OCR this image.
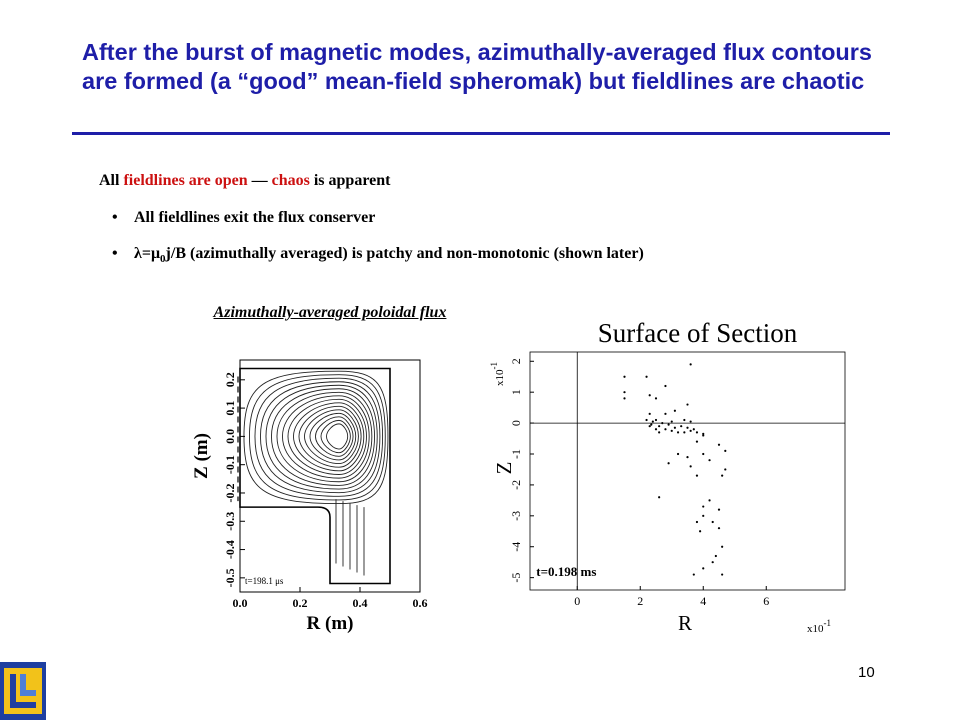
After the burst of magnetic modes, azimuthally-averaged flux contours are formed (a “good” mean-field spheromak) but fieldlines are chaotic
All fieldlines are open — chaos is apparent
• All fieldlines exit the flux conserver
• $\lambda=\mu_0j/B$ (azimuthally averaged) is patchy and non-monotonic (shown later)
Azimuthally-averaged poloidal flux
0.0	0.2	0.4	0.6
-0.5
-0.4
-0.3
-0.2
-0.1
0.0
0.1
0.2
R (m)
Z (m)
t=198.1 μs
Surface of Section
0	2	4	6
2
1
0
-1
-2
-3
-4
-5
$x10^{-1}$
$x10^{-1}$
R
Z
t=0.198 ms
10
